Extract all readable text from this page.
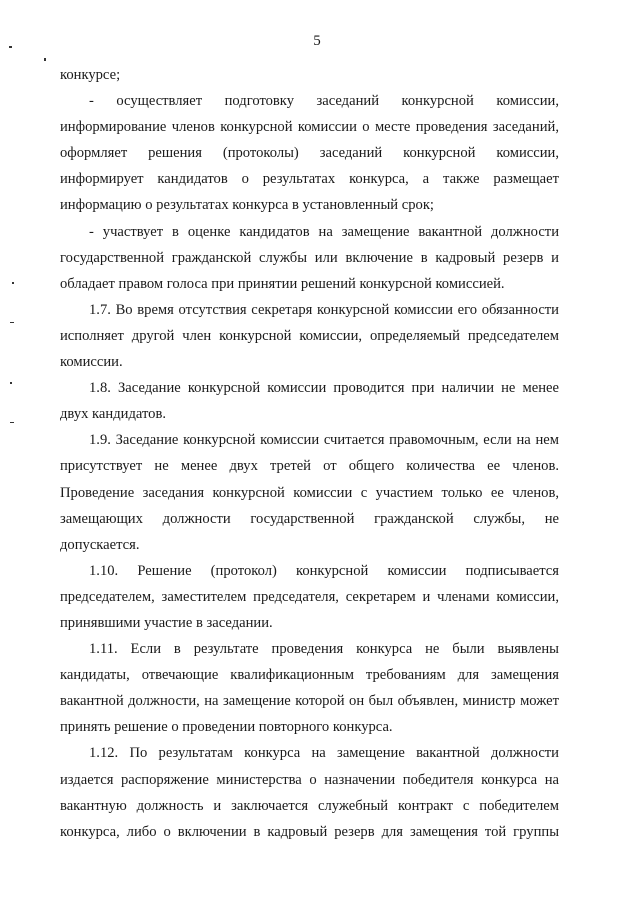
5
конкурсе;
- осуществляет подготовку заседаний конкурсной комиссии,
информирование членов конкурсной комиссии о месте проведения заседаний,
оформляет решения (протоколы) заседаний конкурсной комиссии,
информирует кандидатов о результатах конкурса, а также размещает
информацию о результатах конкурса в установленный срок;
- участвует в оценке кандидатов на замещение вакантной должности
государственной гражданской службы или включение в кадровый резерв и
обладает правом голоса при принятии решений конкурсной комиссией.
1.7. Во время отсутствия секретаря конкурсной комиссии его обязанности
исполняет другой член конкурсной комиссии, определяемый председателем
комиссии.
1.8. Заседание конкурсной комиссии проводится при наличии не менее
двух кандидатов.
1.9. Заседание конкурсной комиссии считается правомочным, если на нем
присутствует не менее двух третей от общего количества ее членов.
Проведение заседания конкурсной комиссии с участием только ее членов,
замещающих должности государственной гражданской службы, не
допускается.
1.10. Решение (протокол) конкурсной комиссии подписывается
председателем, заместителем председателя, секретарем и членами комиссии,
принявшими участие в заседании.
1.11. Если в результате проведения конкурса не были выявлены
кандидаты, отвечающие квалификационным требованиям для замещения
вакантной должности, на замещение которой он был объявлен, министр может
принять решение о проведении повторного конкурса.
1.12. По результатам конкурса на замещение вакантной должности
издается распоряжение министерства о назначении победителя конкурса на
вакантную должность и заключается служебный контракт с победителем
конкурса, либо о включении в кадровый резерв для замещения той группы
